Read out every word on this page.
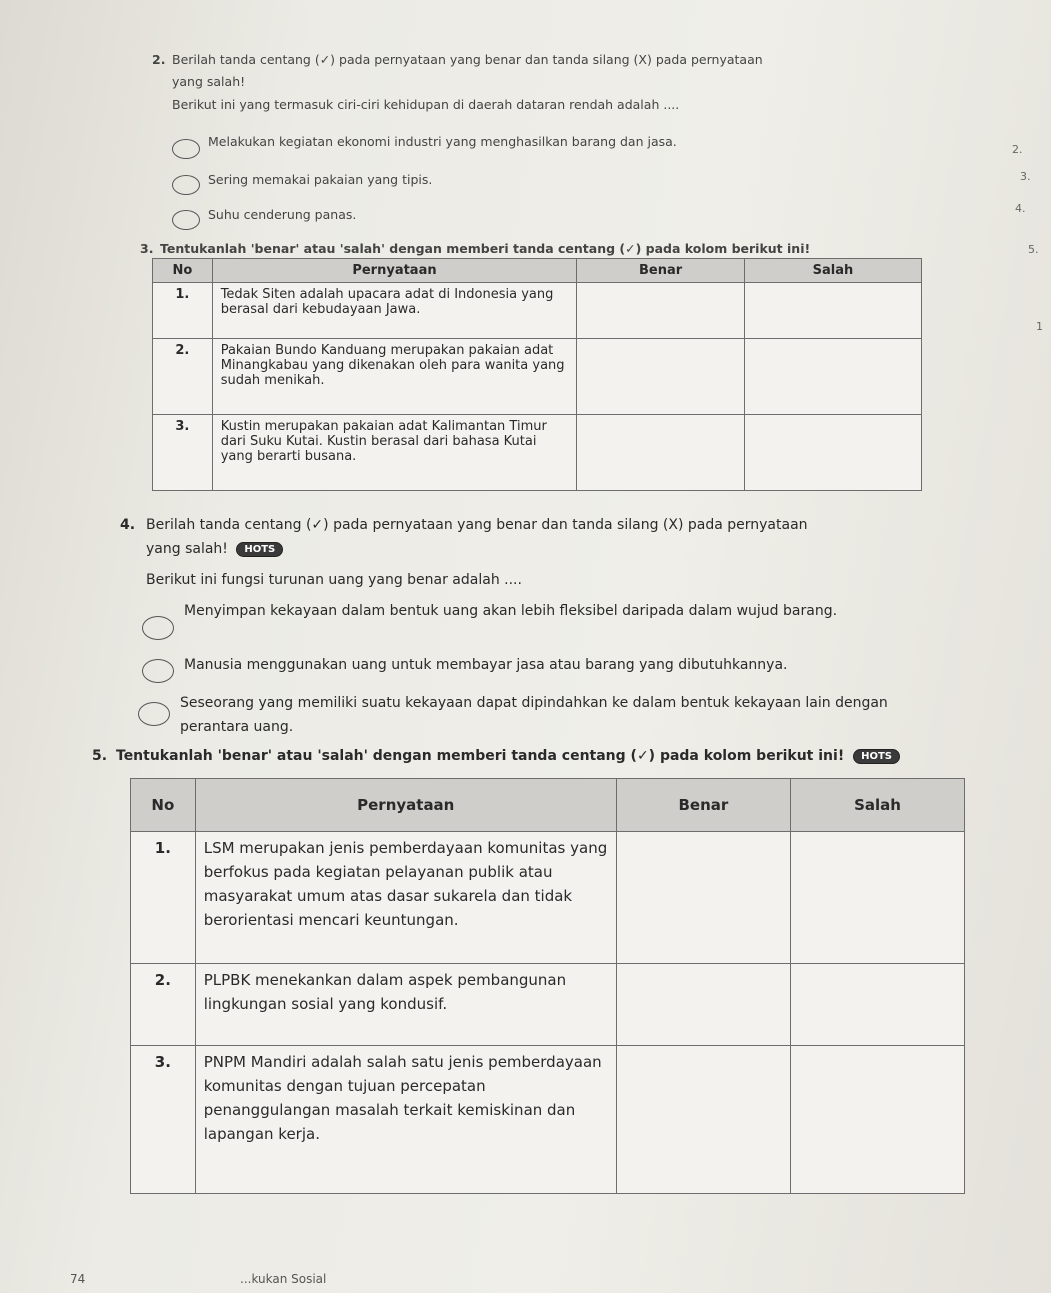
2. Berilah tanda centang (✓) pada pernyataan yang benar dan tanda silang (X) pada pernyataan
yang salah!
Berikut ini yang termasuk ciri-ciri kehidupan di daerah dataran rendah adalah ....
Melakukan kegiatan ekonomi industri yang menghasilkan barang dan jasa.
Sering memakai pakaian yang tipis.
Suhu cenderung panas.
3. Tentukanlah 'benar' atau 'salah' dengan memberi tanda centang (✓) pada kolom berikut ini!
No	Pernyataan	Benar	Salah
1.	Tedak Siten adalah upacara adat di Indonesia yang berasal dari kebudayaan Jawa.		
2.	Pakaian Bundo Kanduang merupakan pakaian adat Minangkabau yang dikenakan oleh para wanita yang sudah menikah.		
3.	Kustin merupakan pakaian adat Kalimantan Timur dari Suku Kutai. Kustin berasal dari bahasa Kutai yang berarti busana.		
4. Berilah tanda centang (✓) pada pernyataan yang benar dan tanda silang (X) pada pernyataan
yang salah! HOTS
Berikut ini fungsi turunan uang yang benar adalah ....
Menyimpan kekayaan dalam bentuk uang akan lebih fleksibel daripada dalam wujud barang.
Manusia menggunakan uang untuk membayar jasa atau barang yang dibutuhkannya.
Seseorang yang memiliki suatu kekayaan dapat dipindahkan ke dalam bentuk kekayaan lain dengan perantara uang.
5. Tentukanlah 'benar' atau 'salah' dengan memberi tanda centang (✓) pada kolom berikut ini! HOTS
No	Pernyataan	Benar	Salah
1.	LSM merupakan jenis pemberdayaan komunitas yang berfokus pada kegiatan pelayanan publik atau masyarakat umum atas dasar sukarela dan tidak berorientasi mencari keuntungan.		
2.	PLPBK menekankan dalam aspek pembangunan lingkungan sosial yang kondusif.		
3.	PNPM Mandiri adalah salah satu jenis pemberdayaan komunitas dengan tujuan percepatan penanggulangan masalah terkait kemiskinan dan lapangan kerja.		
2.
3.
4.
5.
1
74	...kukan Sosial
